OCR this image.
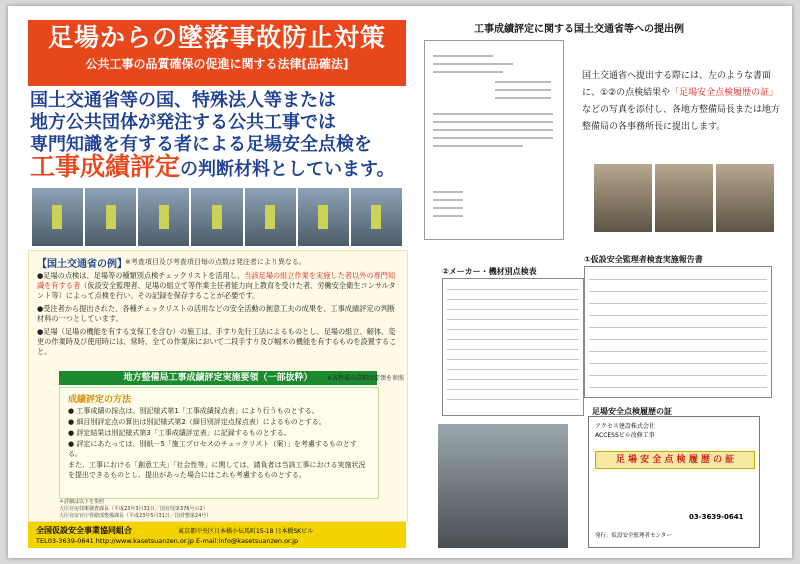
足場からの墜落事故防止対策
公共工事の品質確保の促進に関する法律[品確法]
国土交通省等の国、特殊法人等または
地方公共団体が発注する公共工事では
専門知識を有する者による足場安全点検を
工事成績評定の判断材料としています。
【国土交通省の例】
※考査項目及び考査項目毎の点数は発注者により異なる。

●足場の点検は、足場等の種類別点検チェックリストを活用し、当該足場の組立作業を実施した者以外の専門知識を有する者（仮設安全監理者、足場の組立て等作業主任者能力向上教育を受けた者、労働安全衛生コンサルタント等）によって点検を行い、その記録を保存することが必要です。

●受注者から提出された、各種チェックリストの活用などの安全活動の創意工夫の成果を、工事成績評定の判断材料の一つとしています。

●足場（足場の機能を有する支保工を含む）の施工は、手すり先行工法によるものとし、足場の組立、解体、変更の作業時及び使用時には、常時、全ての作業床において二段手すり及び幅木の機能を有するものを設置すること。

地方整備局工事成績評定実施要領（一部抜粋）	※各整備の詳細は要領を参照
成績評定の方法

● 工事成績の採点は、別記様式第1「工事成績採点表」により行うものとする。

● 細目別評定点の算出は別記様式第2（細目別評定点採点表）によるものとする。

● 評定結果は別記様式第3「工事成績評定表」に記録するものとする。

● 評定にあたっては、別紙－5「施工プロセスのチェックリスト（案）」を考慮するものとする。

また、工事における「創意工夫」「社会性等」に関しては、請負者は当該工事における実施状況を提出できるものとし、提出があった場合にはこれも考慮するものとする。

＊詳細は以下を参照
大臣官房技術調査課長（平成23年3月31日／国官技第376号の2）
大臣官房官庁営繕部整備課長（平成23年5月31日／国営整第24号）
全国仮設安全事業協同組合	東京都中央区日本橋小伝馬町15-18 日本橋SKビル
TEL03-3639-0641 http://www.kasetsuanzen.or.jp E-mail:info@kasetsuanzen.or.jp
工事成績評定に関する国土交通省等への提出例
国土交通省へ提出する際には、左のような書面に、①②の点検結果や「足場安全点検履歴の証」などの写真を添付し、各地方整備局長または地方整備局の各事務所長に提出します。
②メーカー・機材別点検表
①仮設安全監理者検査実施報告書
足場安全点検履歴の証
アクセス建設株式会社
ACCESSビル改修工事
足 場 安 全 点 検 履 歴 の 証
03-3639-0641
発行：仮設安全監理者センター
